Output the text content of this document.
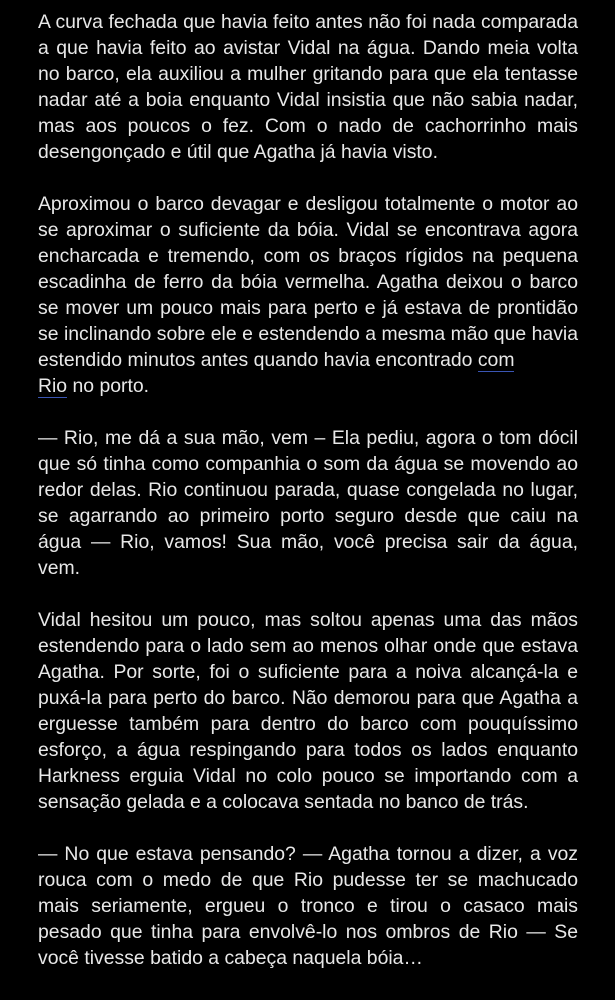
A curva fechada que havia feito antes não foi nada comparada a que havia feito ao avistar Vidal na água. Dando meia volta no barco, ela auxiliou a mulher gritando para que ela tentasse nadar até a boia enquanto Vidal insistia que não sabia nadar, mas aos poucos o fez. Com o nado de cachorrinho mais desengonçado e útil que Agatha já havia visto.

Aproximou o barco devagar e desligou totalmente o motor ao se aproximar o suficiente da bóia. Vidal se encontrava agora encharcada e tremendo, com os braços rígidos na pequena escadinha de ferro da bóia vermelha. Agatha deixou o barco se mover um pouco mais para perto e já estava de prontidão se inclinando sobre ele e estendendo a mesma mão que havia estendido minutos antes quando havia encontrado com
Rio no porto.

— Rio, me dá a sua mão, vem – Ela pediu, agora o tom dócil que só tinha como companhia o som da água se movendo ao redor delas. Rio continuou parada, quase congelada no lugar, se agarrando ao primeiro porto seguro desde que caiu na água — Rio, vamos! Sua mão, você precisa sair da água, vem.

Vidal hesitou um pouco, mas soltou apenas uma das mãos estendendo para o lado sem ao menos olhar onde que estava Agatha. Por sorte, foi o suficiente para a noiva alcançá-la e puxá-la para perto do barco. Não demorou para que Agatha a erguesse também para dentro do barco com pouquíssimo esforço, a água respingando para todos os lados enquanto Harkness erguia Vidal no colo pouco se importando com a sensação gelada e a colocava sentada no banco de trás.

— No que estava pensando? — Agatha tornou a dizer, a voz rouca com o medo de que Rio pudesse ter se machucado mais seriamente, ergueu o tronco e tirou o casaco mais pesado que tinha para envolvê-lo nos ombros de Rio — Se você tivesse batido a cabeça naquela bóia…
